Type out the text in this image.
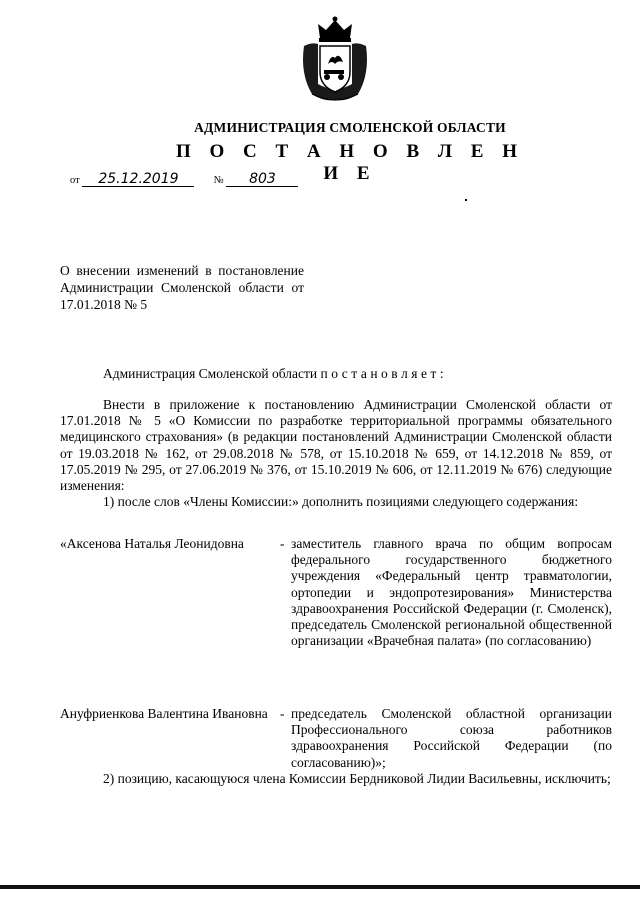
АДМИНИСТРАЦИЯ СМОЛЕНСКОЙ ОБЛАСТИ
П О С Т А Н О В Л Е Н И Е
от 25.12.2019	№ 803
О внесении изменений в постановление Администрации Смоленской области от 17.01.2018 № 5
Администрация Смоленской области постановляет:

Внести в приложение к постановлению Администрации Смоленской области от 17.01.2018 № 5 «О Комиссии по разработке территориальной программы обязательного медицинского страхования» (в редакции постановлений Администрации Смоленской области от 19.03.2018 № 162, от 29.08.2018 № 578, от 15.10.2018 № 659, от 14.12.2018 № 859, от 17.05.2019 № 295, от 27.06.2019 № 376, от 15.10.2019 № 606, от 12.11.2019 № 676) следующие изменения:

1) после слов «Члены Комиссии:» дополнить позициями следующего содержания:

«Аксенова Наталья Леонидовна	- заместитель главного врача по общим вопросам федерального государственного бюджетного учреждения «Федеральный центр травматологии, ортопедии и эндопротезирования» Министерства здравоохранения Российской Федерации (г. Смоленск), председатель Смоленской региональной общественной организации «Врачебная палата» (по согласованию)
Ануфриенкова Валентина Ивановна - председатель Смоленской областной организации Профессионального союза работников здравоохранения Российской Федерации (по согласованию)»;

2) позицию, касающуюся члена Комиссии Бердниковой Лидии Васильевны, исключить;
